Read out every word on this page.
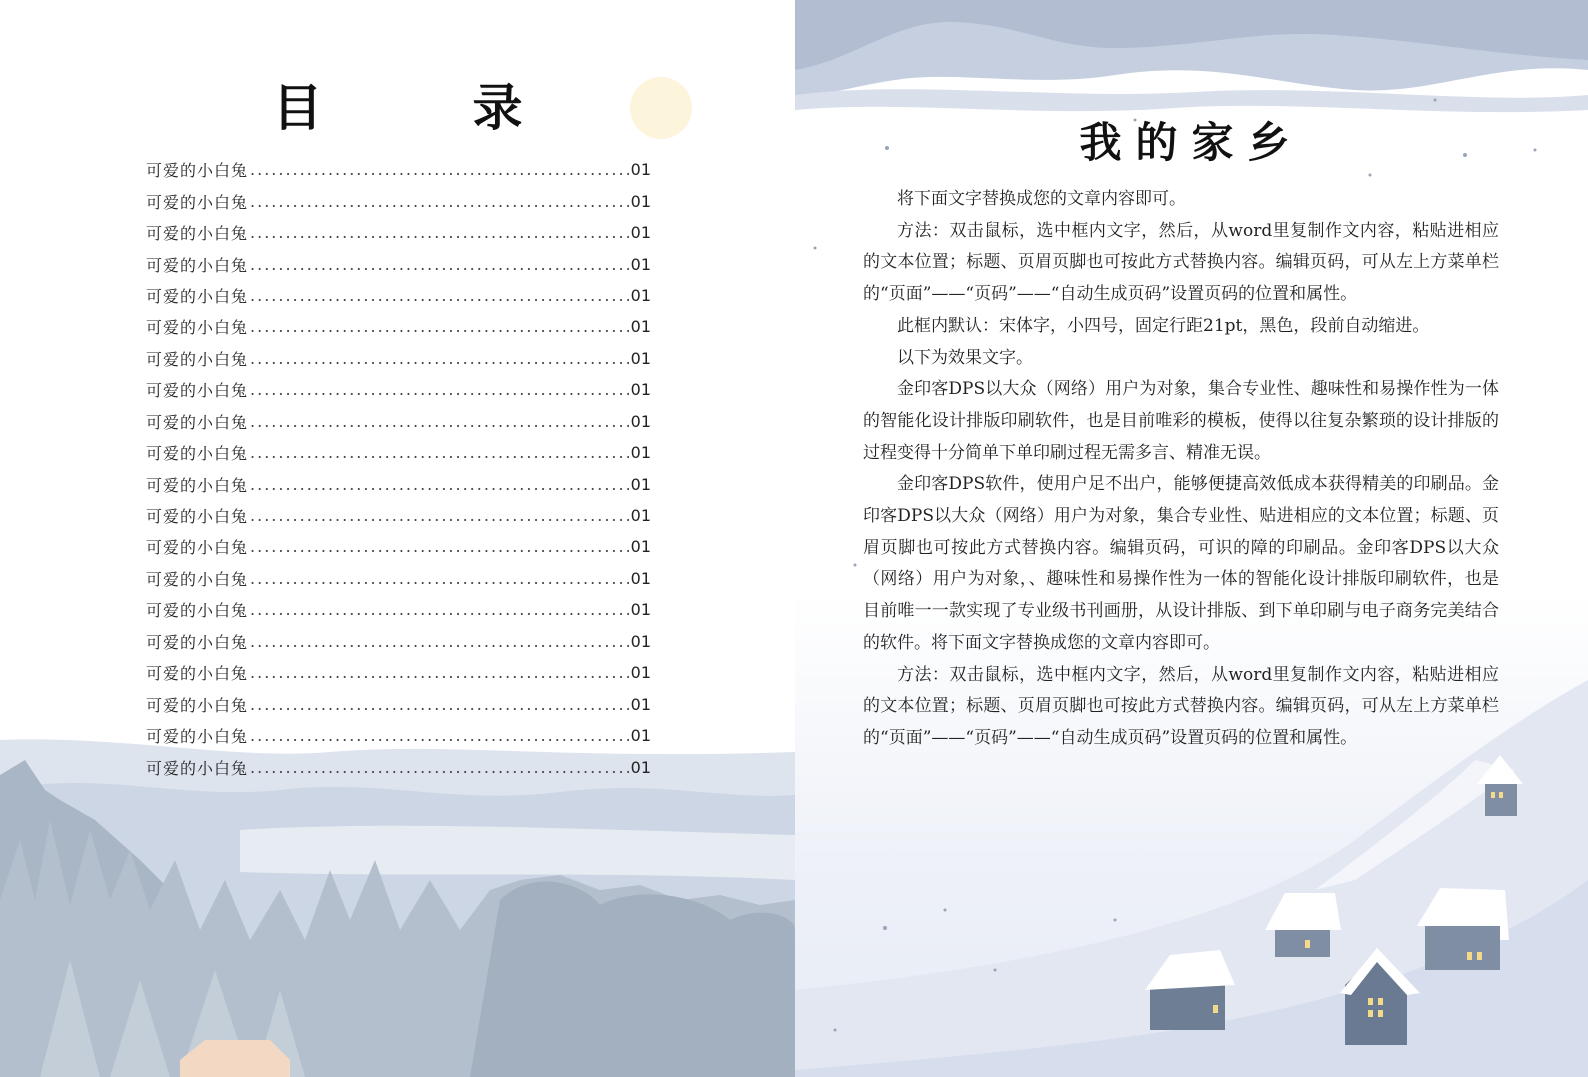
目	录
可爱的小白兔 .....	01
可爱的小白兔 .....	01
可爱的小白兔 .....	01
可爱的小白兔 .....	01
可爱的小白兔 .....	01
可爱的小白兔 .....	01
可爱的小白兔 .....	01
可爱的小白兔 .....	01
可爱的小白兔 .....	01
可爱的小白兔 .....	01
可爱的小白兔 .....	01
可爱的小白兔 .....	01
可爱的小白兔 .....	01
可爱的小白兔 .....	01
可爱的小白兔 .....	01
可爱的小白兔 .....	01
可爱的小白兔 .....	01
可爱的小白兔 .....	01
可爱的小白兔 .....	01
可爱的小白兔 .....	01
我的家乡

将下面文字替换成您的文章内容即可。

方法：双击鼠标，选中框内文字，然后，从word里复制作文内容，粘贴进相应的文本位置；标题、页眉页脚也可按此方式替换内容。编辑页码，可从左上方菜单栏的“页面”——“页码”——“自动生成页码”设置页码的位置和属性。

此框内默认：宋体字，小四号，固定行距21pt，黑色，段前自动缩进。

以下为效果文字。

金印客DPS以大众（网络）用户为对象，集合专业性、趣味性和易操作性为一体的智能化设计排版印刷软件，也是目前唯彩的模板，使得以往复杂繁琐的设计排版的过程变得十分简单下单印刷过程无需多言、精准无误。

金印客DPS软件，使用户足不出户，能够便捷高效低成本获得精美的印刷品。金印客DPS以大众（网络）用户为对象，集合专业性、贴进相应的文本位置；标题、页眉页脚也可按此方式替换内容。编辑页码，可识的障的印刷品。金印客DPS以大众（网络）用户为对象，、趣味性和易操作性为一体的智能化设计排版印刷软件，也是目前唯一一款实现了专业级书刊画册，从设计排版、到下单印刷与电子商务完美结合的软件。将下面文字替换成您的文章内容即可。

方法：双击鼠标，选中框内文字，然后，从word里复制作文内容，粘贴进相应的文本位置；标题、页眉页脚也可按此方式替换内容。编辑页码，可从左上方菜单栏的“页面”——“页码”——“自动生成页码”设置页码的位置和属性。
